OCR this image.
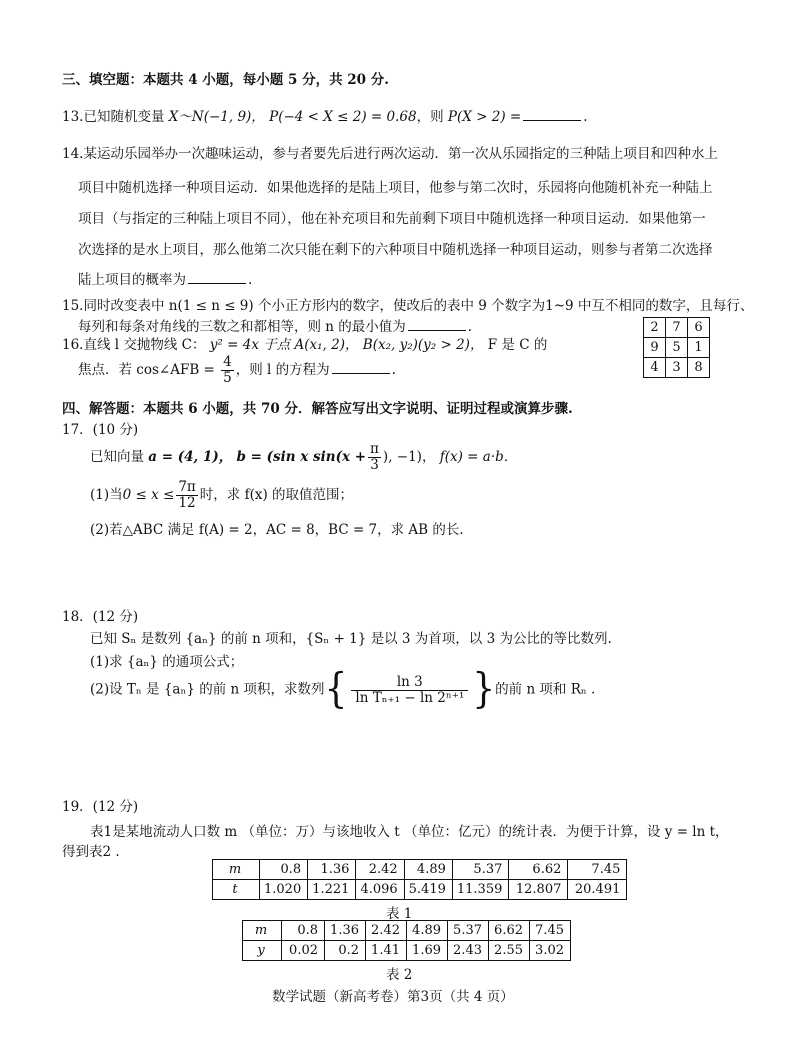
三、填空题：本题共 4 小题，每小题 5 分，共 20 分.
13.已知随机变量 X～N(−1, 9)， P(−4 < X ≤ 2) = 0.68，则 P(X > 2) =	.
14.某运动乐园举办一次趣味运动，参与者要先后进行两次运动．第一次从乐园指定的三种陆上项目和四种水上
项目中随机选择一种项目运动．如果他选择的是陆上项目，他参与第二次时，乐园将向他随机补充一种陆上
项目（与指定的三种陆上项目不同），他在补充项目和先前剩下项目中随机选择一种项目运动．如果他第一
次选择的是水上项目，那么他第二次只能在剩下的六种项目中随机选择一种项目运动，则参与者第二次选择
陆上项目的概率为	.
15.同时改变表中 n(1 ≤ n ≤ 9) 个小正方形内的数字，使改后的表中 9 个数字为1~9 中互不相同的数字，且每行、
每列和每条对角线的三数之和都相等，则 n 的最小值为	.	2	7	6
9	5	1
4	3	8
16.直线 l 交抛物线 C： y² = 4x 于点 A(x₁, 2)， B(x₂, y₂)(y₂ > 2)， F 是 C 的
焦点．若 cos∠AFB = $\frac{4}{5}$ ，则 l 的方程为	.
四、解答题：本题共 6 小题，共 70 分．解答应写出文字说明、证明过程或演算步骤.
17．(10 分)
已知向量 a = (4, 1)， b = (sin x $\sin(x + \frac{\pi}{3}$ ), −1)， f(x) = a·b．
(1)当$0 \le x \le \frac{7\pi}{12}$ 时，求 f(x) 的取值范围；
(2)若△ABC 满足 f(A) = 2，AC = 8，BC = 7，求 AB 的长.
18．(12 分)
已知 Sₙ 是数列 {aₙ} 的前 n 项和，{Sₙ + 1} 是以 3 为首项，以 3 为公比的等比数列.
(1)求 {aₙ} 的通项公式；
(2)设 Tₙ 是 {aₙ} 的前 n 项积，求数列{ $\frac{\ln 3}{\text{ln Tₙ₊₁ − ln 2ⁿ⁺¹}}$ }的前 n 项和 Rₙ .
19．(12 分)
表1是某地流动人口数 m （单位：万）与该地收入 t （单位：亿元）的统计表．为便于计算，设 y = ln t，
得到表2 .
m	0.8	1.36	2.42	4.89	5.37	6.62	7.45
t	1.020	1.221	4.096	5.419	11.359	12.807	20.491
表 1
m	0.8	1.36	2.42	4.89	5.37	6.62	7.45
y	0.02	0.2	1.41	1.69	2.43	2.55	3.02
表 2
数学试题（新高考卷）第3页（共 4 页）
